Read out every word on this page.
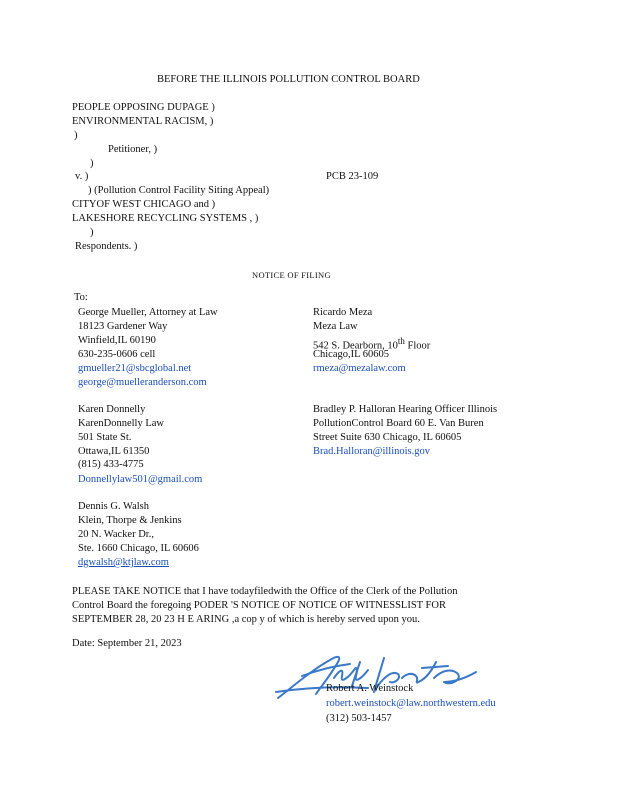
BEFORE THE ILLINOIS POLLUTION CONTROL BOARD
PEOPLE OPPOSING DUPAGE )
ENVIRONMENTAL RACISM, )
)
Petitioner, )
)
v. )	PCB 23-109
) (Pollution Control Facility Siting Appeal)
CITYOF WEST CHICAGO and )
LAKESHORE RECYCLING SYSTEMS , )
)
Respondents. )
NOTICE OF FILING
To:
George Mueller, Attorney at Law
18123 Gardener Way
Winfield,IL 60190
630-235-0606 cell
gmueller21@sbcglobal.net
george@muelleranderson.com
Karen Donnelly
KarenDonnelly Law
501 State St.
Ottawa,IL 61350
(815) 433-4775
Donnellylaw501@gmail.com
Dennis G. Walsh
Klein, Thorpe & Jenkins
20 N. Wacker Dr.,
Ste. 1660 Chicago, IL 60606
dgwalsh@ktjlaw.com
Ricardo Meza
Meza Law
542 S. Dearborn, 10th Floor
Chicago,IL 60605
rmeza@mezalaw.com
Bradley P. Halloran Hearing Officer Illinois
PollutionControl Board 60 E. Van Buren
Street Suite 630 Chicago, IL 60605
Brad.Halloran@illinois.gov
PLEASE TAKE NOTICE that I have todayfiledwith the Office of the Clerk of the Pollution
Control Board the foregoing PODER 'S NOTICE OF NOTICE OF WITNESSLIST FOR
SEPTEMBER 28, 20 23 H E ARING ,a cop y of which is hereby served upon you.
Date: September 21, 2023
Robert A. Weinstock
robert.weinstock@law.northwestern.edu
(312) 503-1457
